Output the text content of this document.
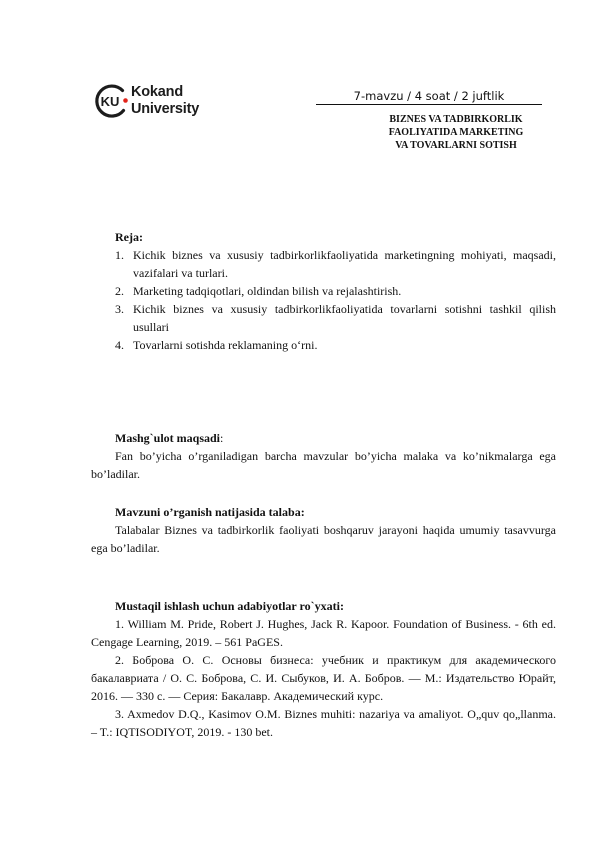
KU
Kokand
University
7-mavzu / 4 soat / 2 juftlik
BIZNES VA TADBIRKORLIK
FAOLIYATIDA MARKETING
VA TOVARLARNI SOTISH
Reja:
1. Kichik biznes va xususiy tadbirkorlikfaoliyatida marketingning mohiyati, maqsadi, vazifalari va turlari.
2. Marketing tadqiqotlari, oldindan bilish va rejalashtirish.
3. Kichik biznes va xususiy tadbirkorlikfaoliyatida tovarlarni sotishni tashkil qilish usullari
4. Tovarlarni sotishda reklamaning o‘rni.
Mashg`ulot maqsadi:

Fan bo’yicha o’rganiladigan barcha mavzular bo’yicha malaka va ko’nikmalarga ega bo’ladilar.

Mavzuni o’rganish natijasida talaba:

Talabalar Biznes va tadbirkorlik faoliyati boshqaruv jarayoni haqida umumiy tasavvurga ega bo’ladilar.

Mustaqil ishlash uchun adabiyotlar ro`yxati:

1. William M. Pride, Robert J. Hughes, Jack R. Kapoor. Foundation of Business. - 6th ed. Cengage Learning, 2019. – 561 PaGES.

2. Боброва О. С. Основы бизнеса: учебник и практикум для академического бакалавриата / О. С. Боброва, С. И. Сыбуков, И. А. Бобров. — М.: Издательство Юрайт, 2016. — 330 с. — Серия: Бакалавр. Академический курс.

3. Axmedov D.Q., Kasimov O.M. Biznes muhiti: nazariya va amaliyot. O„quv qo„llanma. – T.: IQTISODIYOT, 2019. - 130 bet.
